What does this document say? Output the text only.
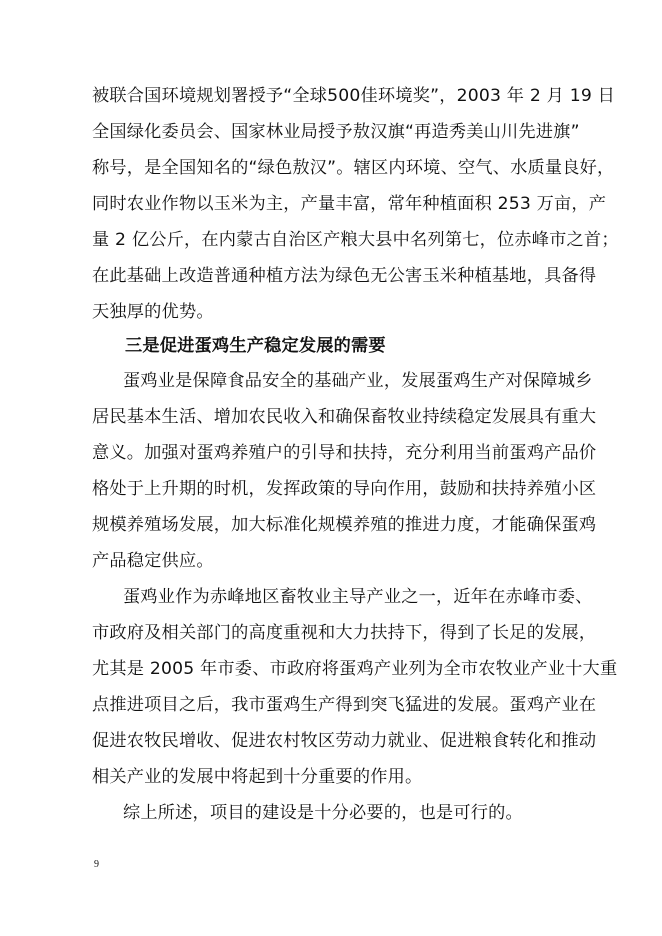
被联合国环境规划署授予“全球500佳环境奖”，2003 年 2 月 19 日
全国绿化委员会、国家林业局授予敖汉旗“再造秀美山川先进旗”
称号，是全国知名的“绿色敖汉”。辖区内环境、空气、水质量良好，
同时农业作物以玉米为主，产量丰富，常年种植面积 253 万亩，产
量 2 亿公斤，在内蒙古自治区产粮大县中名列第七，位赤峰市之首；
在此基础上改造普通种植方法为绿色无公害玉米种植基地，具备得
天独厚的优势。
三是促进蛋鸡生产稳定发展的需要
蛋鸡业是保障食品安全的基础产业，发展蛋鸡生产对保障城乡
居民基本生活、增加农民收入和确保畜牧业持续稳定发展具有重大
意义。加强对蛋鸡养殖户的引导和扶持，充分利用当前蛋鸡产品价
格处于上升期的时机，发挥政策的导向作用，鼓励和扶持养殖小区
规模养殖场发展，加大标准化规模养殖的推进力度，才能确保蛋鸡
产品稳定供应。
蛋鸡业作为赤峰地区畜牧业主导产业之一，近年在赤峰市委、
市政府及相关部门的高度重视和大力扶持下，得到了长足的发展，
尤其是 2005 年市委、市政府将蛋鸡产业列为全市农牧业产业十大重
点推进项目之后，我市蛋鸡生产得到突飞猛进的发展。蛋鸡产业在
促进农牧民增收、促进农村牧区劳动力就业、促进粮食转化和推动
相关产业的发展中将起到十分重要的作用。
综上所述，项目的建设是十分必要的，也是可行的。
9
